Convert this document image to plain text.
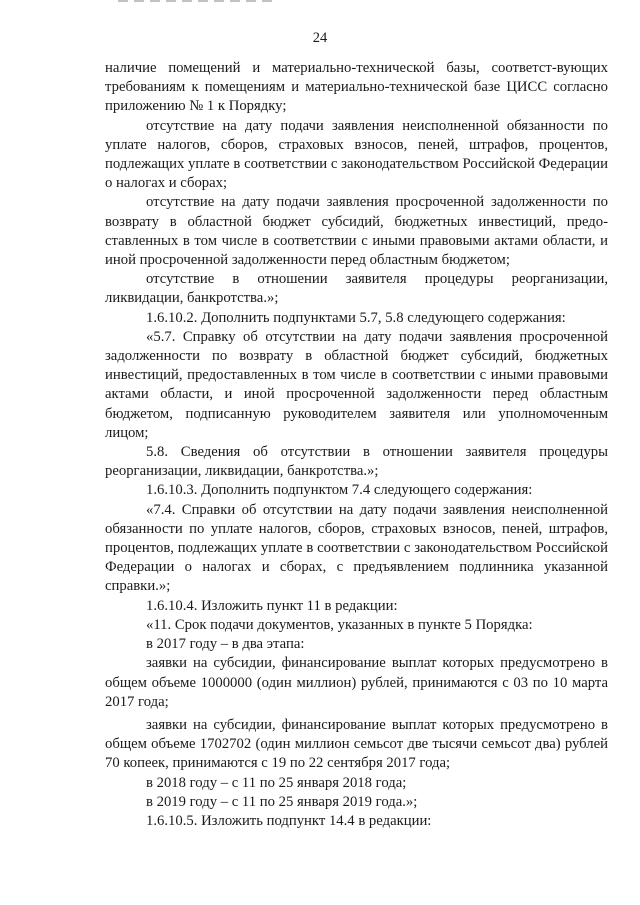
24

наличие помещений и материально-технической базы, соответст-вующих требованиям к помещениям и материально-технической базе ЦИСС согласно приложению № 1 к Порядку;

отсутствие на дату подачи заявления неисполненной обязанности по уплате налогов, сборов, страховых взносов, пеней, штрафов, процентов, подлежащих уплате в соответствии с законодательством Российской Федерации о налогах и сборах;

отсутствие на дату подачи заявления просроченной задолженности по возврату в областной бюджет субсидий, бюджетных инвестиций, предо-ставленных в том числе в соответствии с иными правовыми актами области, и иной просроченной задолженности перед областным бюджетом;

отсутствие в отношении заявителя процедуры реорганизации, ликвидации, банкротства.»;

1.6.10.2. Дополнить подпунктами 5.7, 5.8 следующего содержания:

«5.7. Справку об отсутствии на дату подачи заявления просроченной задолженности по возврату в областной бюджет субсидий, бюджетных инвестиций, предоставленных в том числе в соответствии с иными правовыми актами области, и иной просроченной задолженности перед областным бюджетом, подписанную руководителем заявителя или уполномоченным лицом;

5.8. Сведения об отсутствии в отношении заявителя процедуры реорганизации, ликвидации, банкротства.»;

1.6.10.3. Дополнить подпунктом 7.4 следующего содержания:

«7.4. Справки об отсутствии на дату подачи заявления неисполненной обязанности по уплате налогов, сборов, страховых взносов, пеней, штрафов, процентов, подлежащих уплате в соответствии с законодательством Российской Федерации о налогах и сборах, с предъявлением подлинника указанной справки.»;

1.6.10.4. Изложить пункт 11 в редакции:

«11. Срок подачи документов, указанных в пункте 5 Порядка:

в 2017 году – в два этапа:

заявки на субсидии, финансирование выплат которых предусмотрено в общем объеме 1000000 (один миллион) рублей, принимаются с 03 по 10 марта 2017 года;

заявки на субсидии, финансирование выплат которых предусмотрено в общем объеме 1702702 (один миллион семьсот две тысячи семьсот два) рублей 70 копеек, принимаются с 19 по 22 сентября 2017 года;

в 2018 году – с 11 по 25 января 2018 года;

в 2019 году – с 11 по 25 января 2019 года.»;

1.6.10.5. Изложить подпункт 14.4 в редакции:
